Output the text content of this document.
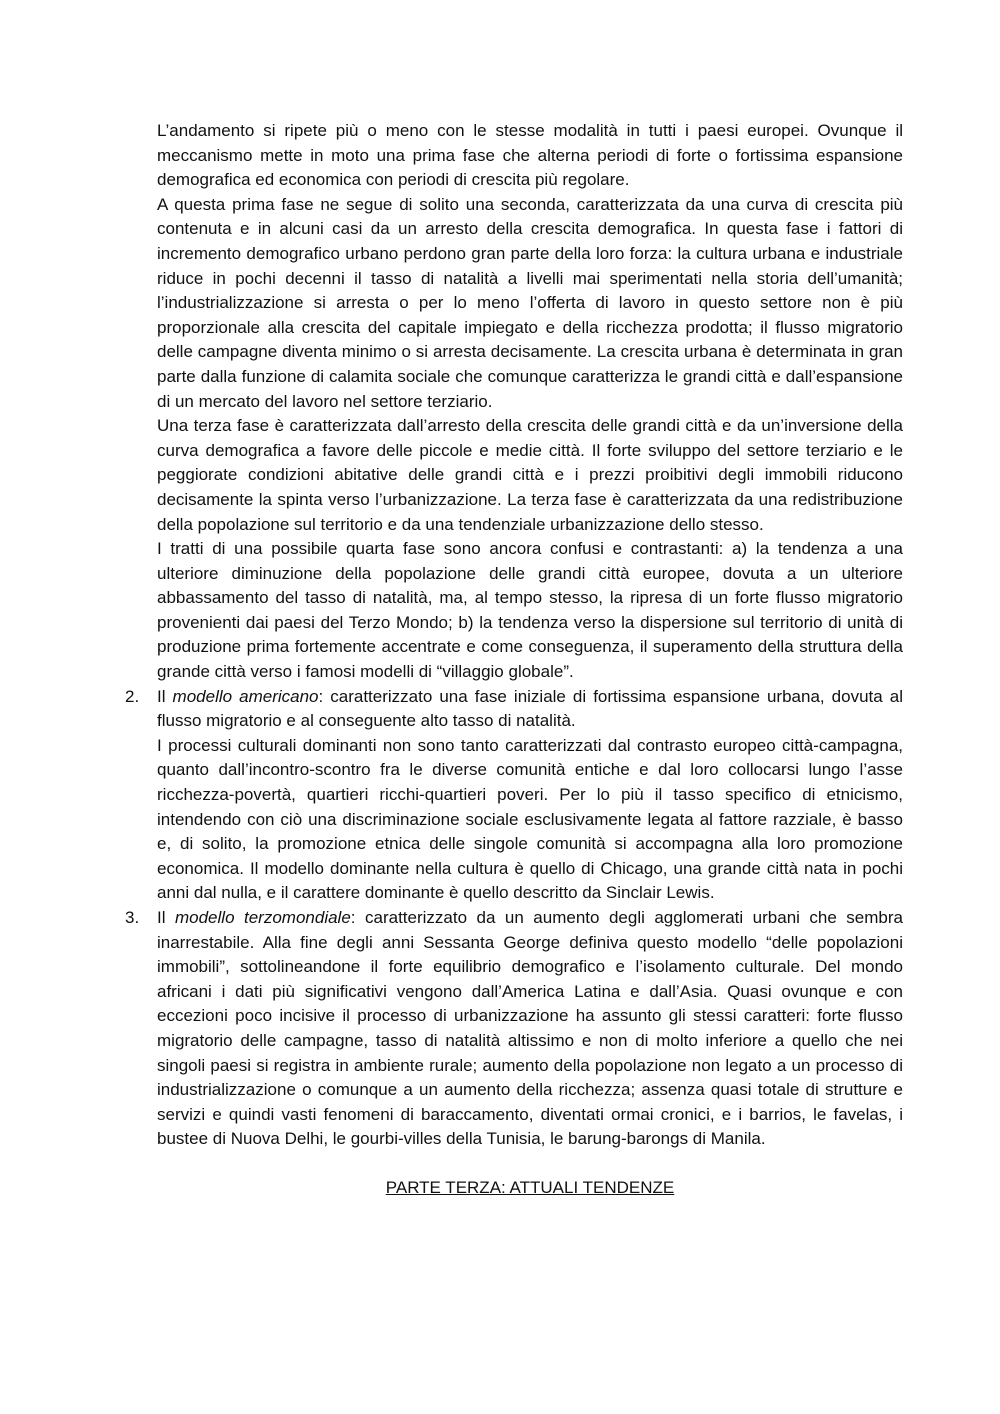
L’andamento si ripete più o meno con le stesse modalità in tutti i paesi europei. Ovunque il meccanismo mette in moto una prima fase che alterna periodi di forte o fortissima espansione demografica ed economica con periodi di crescita più regolare.

A questa prima fase ne segue di solito una seconda, caratterizzata da una curva di crescita più contenuta e in alcuni casi da un arresto della crescita demografica. In questa fase i fattori di incremento demografico urbano perdono gran parte della loro forza: la cultura urbana e industriale riduce in pochi decenni il tasso di natalità a livelli mai sperimentati nella storia dell’umanità; l’industrializzazione si arresta o per lo meno l’offerta di lavoro in questo settore non è più proporzionale alla crescita del capitale impiegato e della ricchezza prodotta; il flusso migratorio delle campagne diventa minimo o si arresta decisamente. La crescita urbana è determinata in gran parte dalla funzione di calamita sociale che comunque caratterizza le grandi città e dall’espansione di un mercato del lavoro nel settore terziario.

Una terza fase è caratterizzata dall’arresto della crescita delle grandi città e da un’inversione della curva demografica a favore delle piccole e medie città. Il forte sviluppo del settore terziario e le peggiorate condizioni abitative delle grandi città e i prezzi proibitivi degli immobili riducono decisamente la spinta verso l’urbanizzazione. La terza fase è caratterizzata da una redistribuzione della popolazione sul territorio e da una tendenziale urbanizzazione dello stesso.

I tratti di una possibile quarta fase sono ancora confusi e contrastanti: a) la tendenza a una ulteriore diminuzione della popolazione delle grandi città europee, dovuta a un ulteriore abbassamento del tasso di natalità, ma, al tempo stesso, la ripresa di un forte flusso migratorio provenienti dai paesi del Terzo Mondo; b) la tendenza verso la dispersione sul territorio di unità di produzione prima fortemente accentrate e come conseguenza, il superamento della struttura della grande città verso i famosi modelli di “villaggio globale”.

2.	Il modello americano: caratterizzato una fase iniziale di fortissima espansione urbana, dovuta al flusso migratorio e al conseguente alto tasso di natalità.

I processi culturali dominanti non sono tanto caratterizzati dal contrasto europeo città-campagna, quanto dall’incontro-scontro fra le diverse comunità entiche e dal loro collocarsi lungo l’asse ricchezza-povertà, quartieri ricchi-quartieri poveri. Per lo più il tasso specifico di etnicismo, intendendo con ciò una discriminazione sociale esclusivamente legata al fattore razziale, è basso e, di solito, la promozione etnica delle singole comunità si accompagna alla loro promozione economica. Il modello dominante nella cultura è quello di Chicago, una grande città nata in pochi anni dal nulla, e il carattere dominante è quello descritto da Sinclair Lewis.

3.	Il modello terzomondiale: caratterizzato da un aumento degli agglomerati urbani che sembra inarrestabile. Alla fine degli anni Sessanta George definiva questo modello “delle popolazioni immobili”, sottolineandone il forte equilibrio demografico e l’isolamento culturale. Del mondo africani i dati più significativi vengono dall’America Latina e dall’Asia. Quasi ovunque e con eccezioni poco incisive il processo di urbanizzazione ha assunto gli stessi caratteri: forte flusso migratorio delle campagne, tasso di natalità altissimo e non di molto inferiore a quello che nei singoli paesi si registra in ambiente rurale; aumento della popolazione non legato a un processo di industrializzazione o comunque a un aumento della ricchezza; assenza quasi totale di strutture e servizi e quindi vasti fenomeni di baraccamento, diventati ormai cronici, e i barrios, le favelas, i bustee di Nuova Delhi, le gourbi-villes della Tunisia, le barung-barongs di Manila.

PARTE TERZA: ATTUALI TENDENZE
